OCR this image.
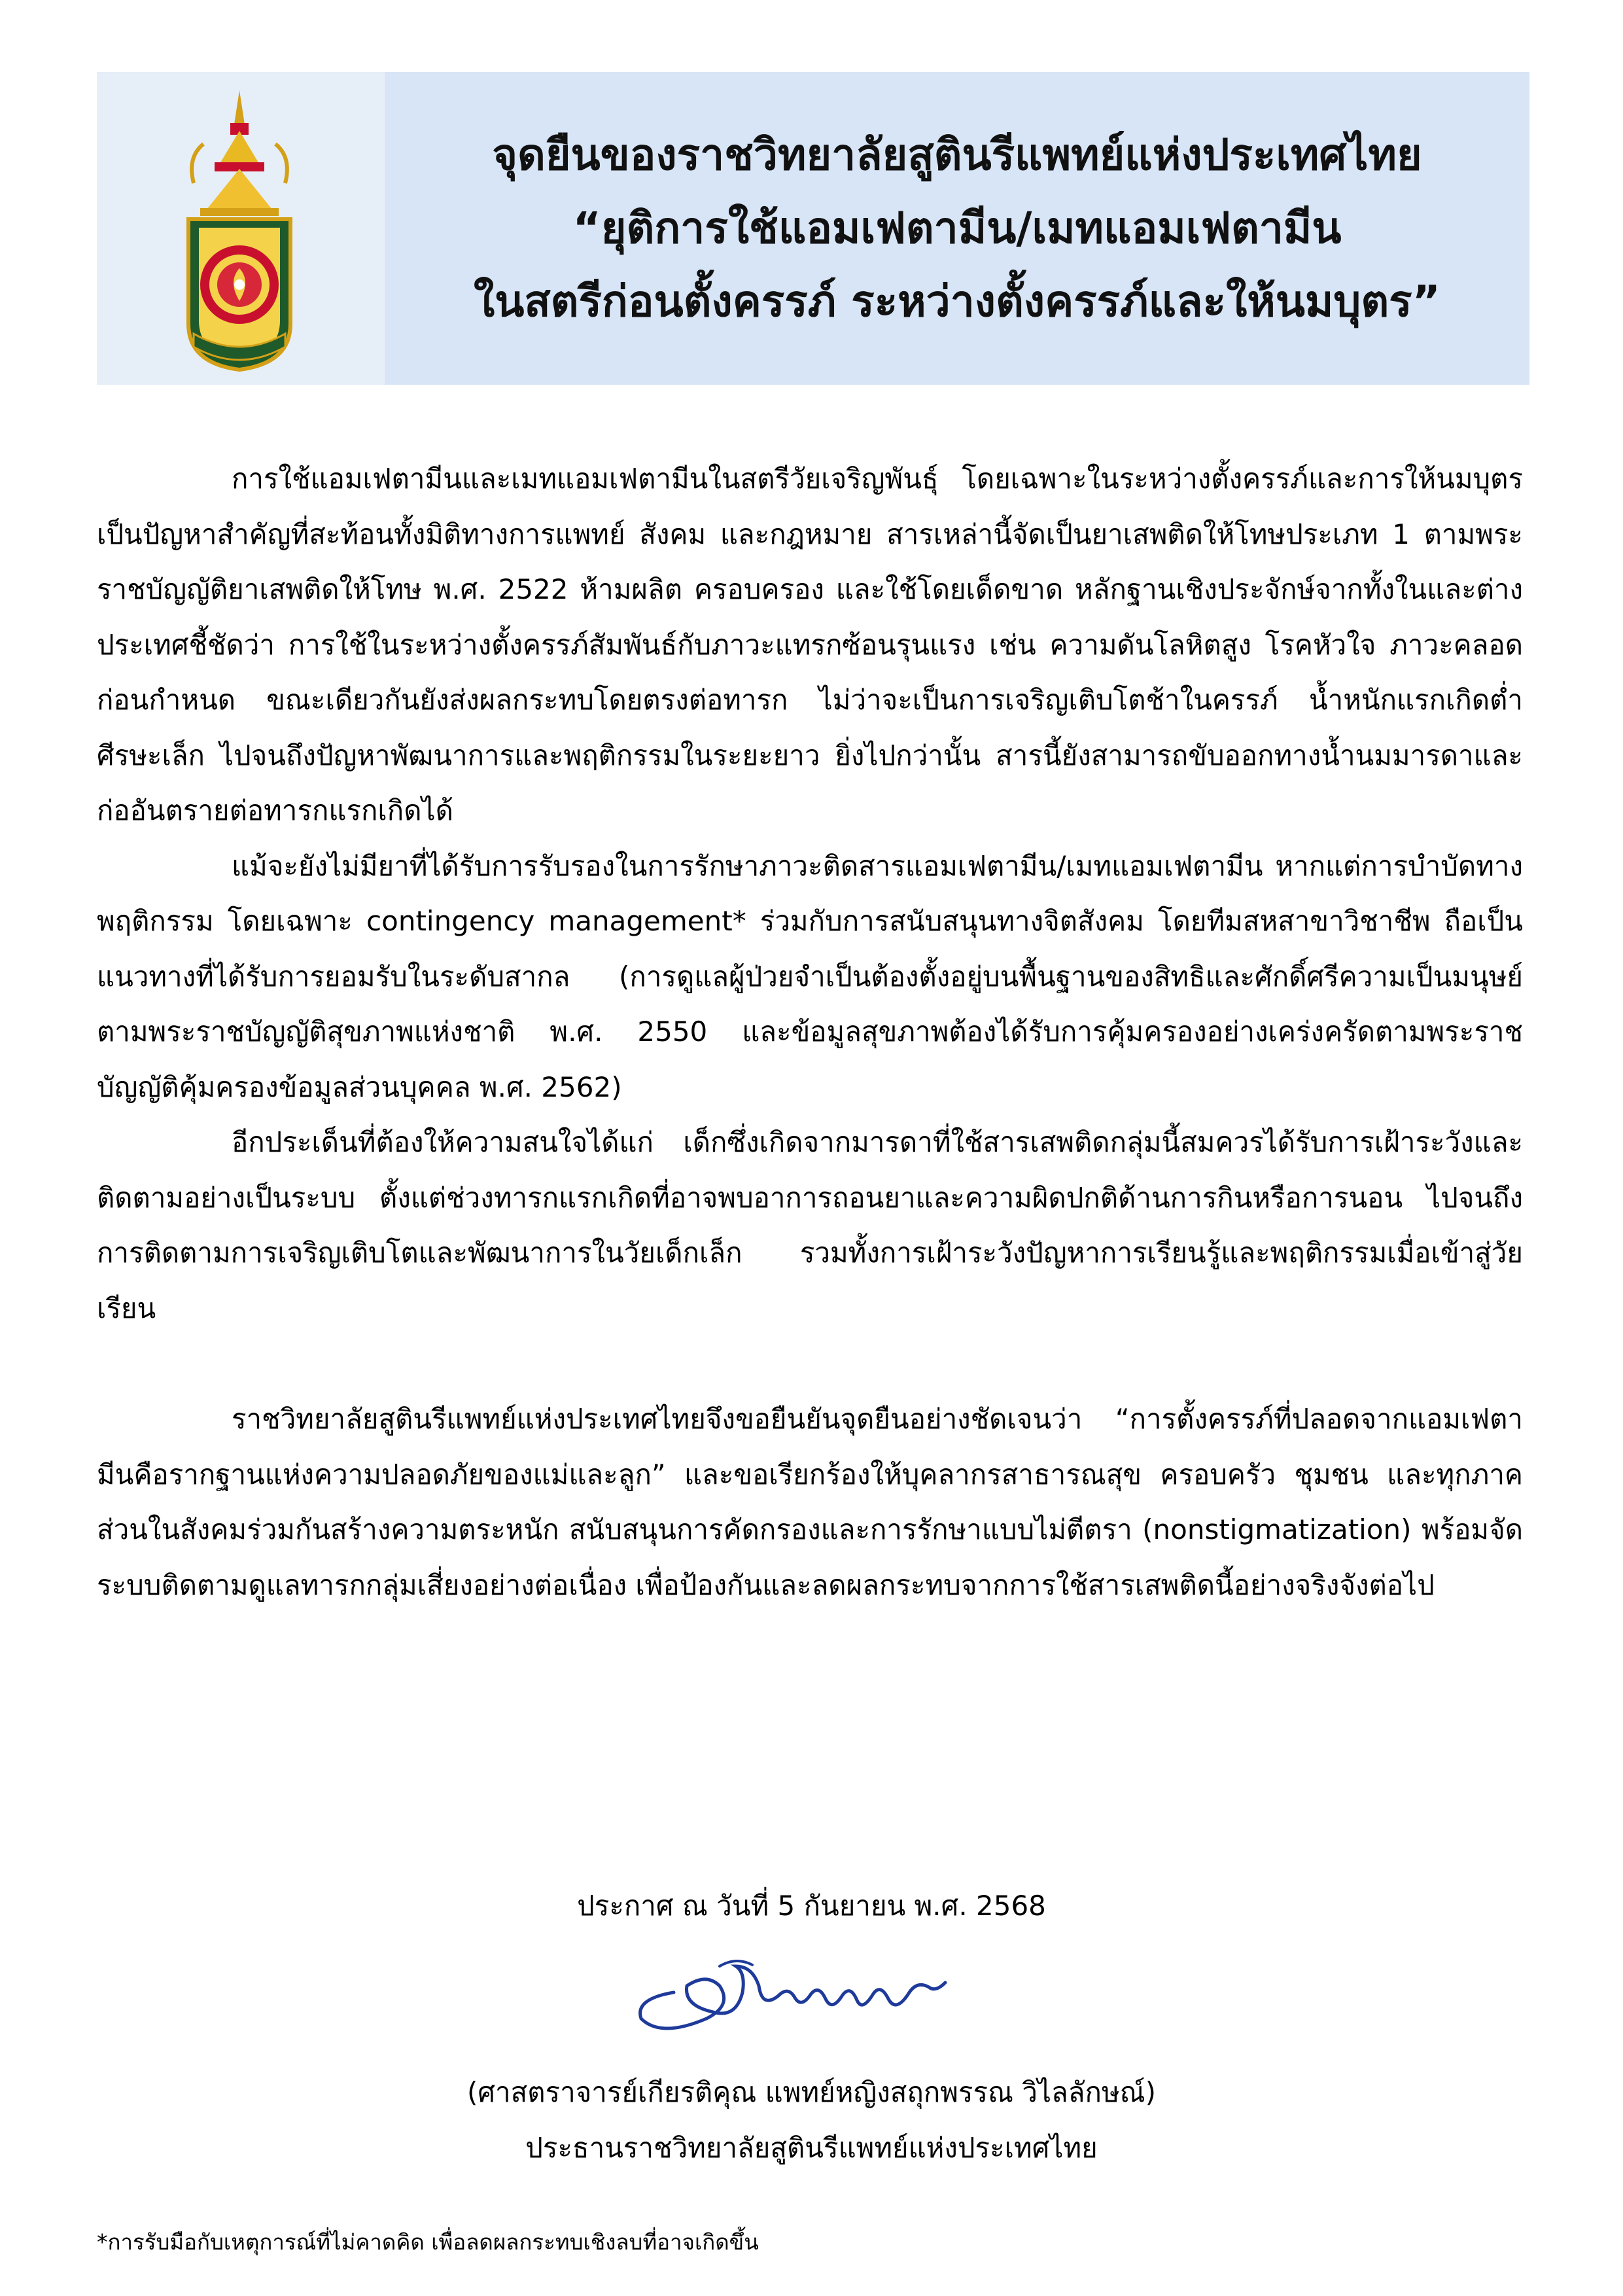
จุดยืนของราชวิทยาลัยสูตินรีแพทย์แห่งประเทศไทย
“ยุติการใช้แอมเฟตามีน/เมทแอมเฟตามีน
ในสตรีก่อนตั้งครรภ์ ระหว่างตั้งครรภ์และให้นมบุตร”

การใช้แอมเฟตามีนและเมทแอมเฟตามีนในสตรีวัยเจริญพันธุ์ โดยเฉพาะในระหว่างตั้งครรภ์และการให้นมบุตร เป็นปัญหาสำคัญที่สะท้อนทั้งมิติทางการแพทย์ สังคม และกฎหมาย สารเหล่านี้จัดเป็นยาเสพติดให้โทษประเภท 1 ตามพระราชบัญญัติยาเสพติดให้โทษ พ.ศ. 2522 ห้ามผลิต ครอบครอง และใช้โดยเด็ดขาด หลักฐานเชิงประจักษ์จากทั้งในและต่างประเทศชี้ชัดว่า การใช้ในระหว่างตั้งครรภ์สัมพันธ์กับภาวะแทรกซ้อนรุนแรง เช่น ความดันโลหิตสูง โรคหัวใจ ภาวะคลอดก่อนกำหนด ขณะเดียวกันยังส่งผลกระทบโดยตรงต่อทารก ไม่ว่าจะเป็นการเจริญเติบโตช้าในครรภ์ น้ำหนักแรกเกิดต่ำ ศีรษะเล็ก ไปจนถึงปัญหาพัฒนาการและพฤติกรรมในระยะยาว ยิ่งไปกว่านั้น สารนี้ยังสามารถขับออกทางน้ำนมมารดาและก่ออันตรายต่อทารกแรกเกิดได้

แม้จะยังไม่มียาที่ได้รับการรับรองในการรักษาภาวะติดสารแอมเฟตามีน/เมทแอมเฟตามีน หากแต่การบำบัดทางพฤติกรรม โดยเฉพาะ contingency management* ร่วมกับการสนับสนุนทางจิตสังคม โดยทีมสหสาขาวิชาชีพ ถือเป็นแนวทางที่ได้รับการยอมรับในระดับสากล (การดูแลผู้ป่วยจำเป็นต้องตั้งอยู่บนพื้นฐานของสิทธิและศักดิ์ศรีความเป็นมนุษย์ ตามพระราชบัญญัติสุขภาพแห่งชาติ พ.ศ. 2550 และข้อมูลสุขภาพต้องได้รับการคุ้มครองอย่างเคร่งครัดตามพระราชบัญญัติคุ้มครองข้อมูลส่วนบุคคล พ.ศ. 2562)

อีกประเด็นที่ต้องให้ความสนใจได้แก่ เด็กซึ่งเกิดจากมารดาที่ใช้สารเสพติดกลุ่มนี้สมควรได้รับการเฝ้าระวังและติดตามอย่างเป็นระบบ ตั้งแต่ช่วงทารกแรกเกิดที่อาจพบอาการถอนยาและความผิดปกติด้านการกินหรือการนอน ไปจนถึงการติดตามการเจริญเติบโตและพัฒนาการในวัยเด็กเล็ก รวมทั้งการเฝ้าระวังปัญหาการเรียนรู้และพฤติกรรมเมื่อเข้าสู่วัยเรียน

ราชวิทยาลัยสูตินรีแพทย์แห่งประเทศไทยจึงขอยืนยันจุดยืนอย่างชัดเจนว่า “การตั้งครรภ์ที่ปลอดจากแอมเฟตามีนคือรากฐานแห่งความปลอดภัยของแม่และลูก” และขอเรียกร้องให้บุคลากรสาธารณสุข ครอบครัว ชุมชน และทุกภาคส่วนในสังคมร่วมกันสร้างความตระหนัก สนับสนุนการคัดกรองและการรักษาแบบไม่ตีตรา (nonstigmatization) พร้อมจัดระบบติดตามดูแลทารกกลุ่มเสี่ยงอย่างต่อเนื่อง เพื่อป้องกันและลดผลกระทบจากการใช้สารเสพติดนี้อย่างจริงจังต่อไป

ประกาศ ณ วันที่ 5 กันยายน พ.ศ. 2568
(ศาสตราจารย์เกียรติคุณ แพทย์หญิงสถุกพรรณ วิไลลักษณ์)
ประธานราชวิทยาลัยสูตินรีแพทย์แห่งประเทศไทย
*การรับมือกับเหตุการณ์ที่ไม่คาดคิด เพื่อลดผลกระทบเชิงลบที่อาจเกิดขึ้น
